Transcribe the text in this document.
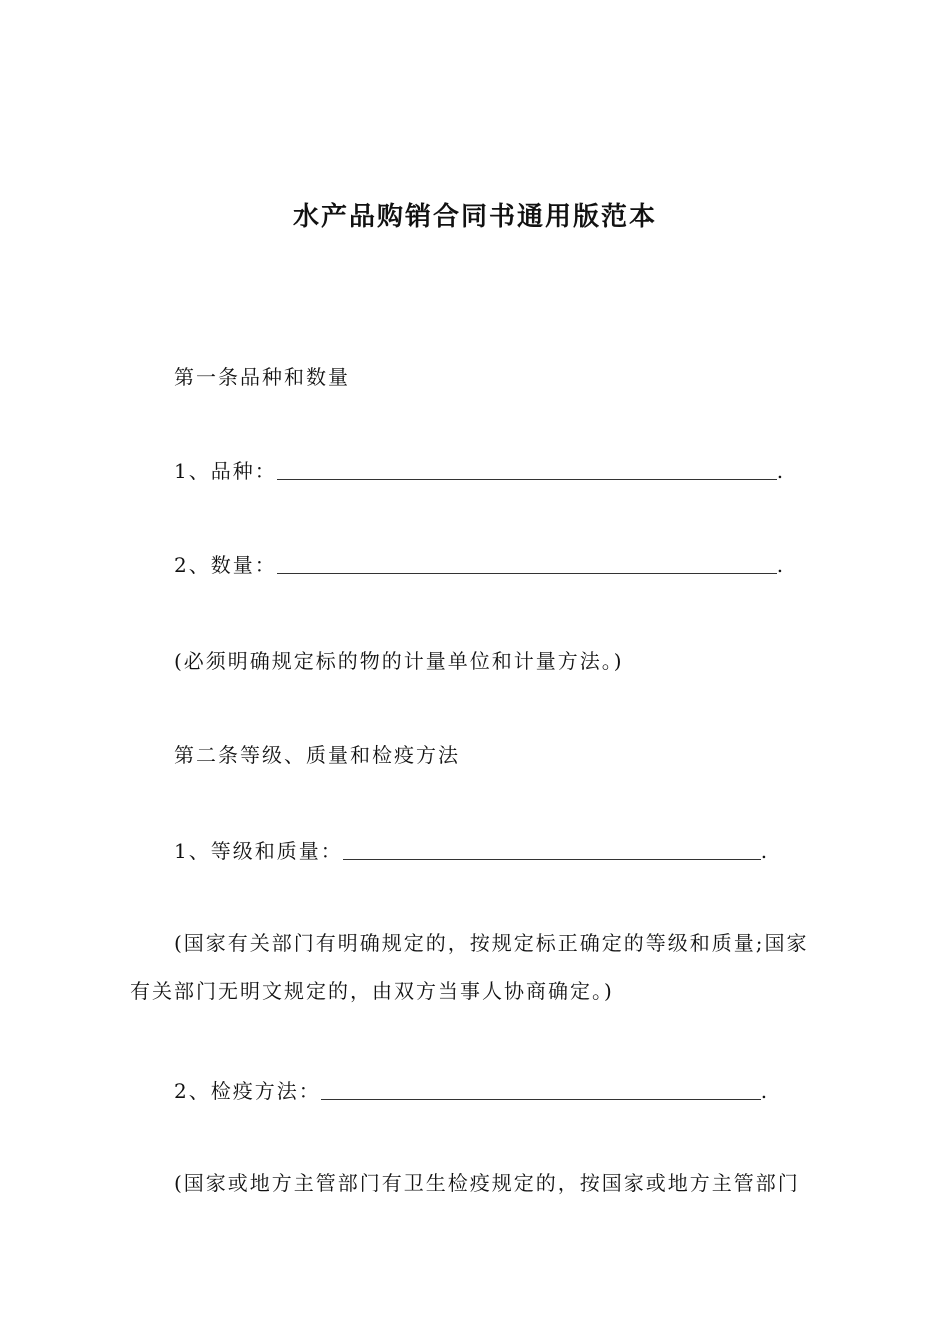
水产品购销合同书通用版范本
第一条品种和数量
1、品种：	.
2、数量：	.
(必须明确规定标的物的计量单位和计量方法。)
第二条等级、质量和检疫方法
1、等级和质量：	.
(国家有关部门有明确规定的，按规定标正确定的等级和质量;国家
有关部门无明文规定的，由双方当事人协商确定。)
2、检疫方法：	.
(国家或地方主管部门有卫生检疫规定的，按国家或地方主管部门
